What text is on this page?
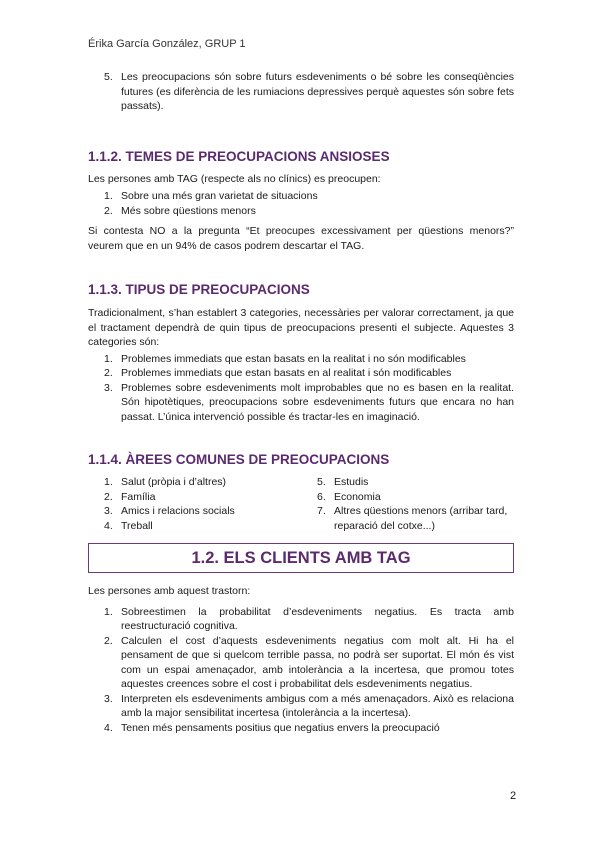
Érika García González, GRUP 1
5. Les preocupacions són sobre futurs esdeveniments o bé sobre les conseqüències futures (es diferència de les rumiacions depressives perquè aquestes són sobre fets passats).
1.1.2. TEMES DE PREOCUPACIONS ANSIOSES

Les persones amb TAG (respecte als no clínics) es preocupen:

1. Sobre una més gran varietat de situacions
2. Més sobre qüestions menors

Si contesta NO a la pregunta “Et preocupes excessivament per qüestions menors?” veurem que en un 94% de casos podrem descartar el TAG.

1.1.3. TIPUS DE PREOCUPACIONS

Tradicionalment, s’han establert 3 categories, necessàries per valorar correctament, ja que el tractament dependrà de quin tipus de preocupacions presenti el subjecte. Aquestes 3 categories són:

1. Problemes immediats que estan basats en la realitat i no són modificables
2. Problemes immediats que estan basats en al realitat i són modificables
3. Problemes sobre esdeveniments molt improbables que no es basen en la realitat. Són hipotètiques, preocupacions sobre esdeveniments futurs que encara no han passat. L’única intervenció possible és tractar-les en imaginació.
1.1.4. ÀREES COMUNES DE PREOCUPACIONS
1. Salut (pròpia i d’altres)
2. Família
3. Amics i relacions socials
4. Treball
5. Estudis
6. Economia
7. Altres qüestions menors (arribar tard, reparació del cotxe...)
1.2. ELS CLIENTS AMB TAG

Les persones amb aquest trastorn:

1. Sobreestimen la probabilitat d’esdeveniments negatius. Es tracta amb reestructuració cognitiva.
2. Calculen el cost d’aquests esdeveniments negatius com molt alt. Hi ha el pensament de que si quelcom terrible passa, no podrà ser suportat. El món és vist com un espai amenaçador, amb intolerància a la incertesa, que promou totes aquestes creences sobre el cost i probabilitat dels esdeveniments negatius.
3. Interpreten els esdeveniments ambigus com a més amenaçadors. Això es relaciona amb la major sensibilitat incertesa (intolerància a la incertesa).
4. Tenen més pensaments positius que negatius envers la preocupació
2
